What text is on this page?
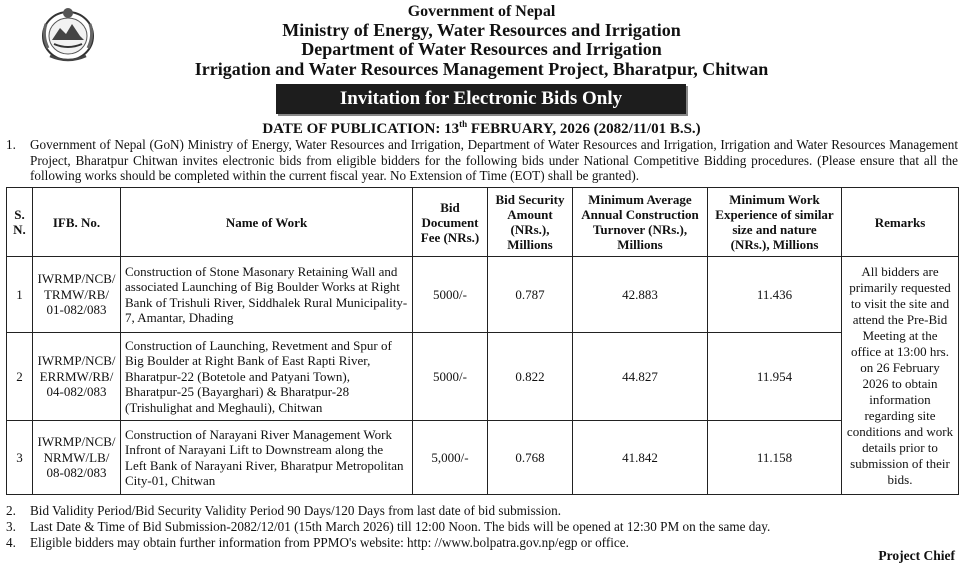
Government of Nepal
Ministry of Energy, Water Resources and Irrigation
Department of Water Resources and Irrigation
Irrigation and Water Resources Management Project, Bharatpur, Chitwan
Invitation for Electronic Bids Only
DATE OF PUBLICATION: 13th FEBRUARY, 2026 (2082/11/01 B.S.)
1. Government of Nepal (GoN) Ministry of Energy, Water Resources and Irrigation, Department of Water Resources and Irrigation, Irrigation and Water Resources Management Project, Bharatpur Chitwan invites electronic bids from eligible bidders for the following bids under National Competitive Bidding procedures. (Please ensure that all the following works should be completed within the current fiscal year. No Extension of Time (EOT) shall be granted).
S. N.	IFB. No.	Name of Work	Bid Document Fee (NRs.)	Bid Security Amount (NRs.), Millions	Minimum Average Annual Construction Turnover (NRs.), Millions	Minimum Work Experience of similar size and nature (NRs.), Millions	Remarks
1	IWRMP/NCB/ TRMW/RB/ 01-082/083	Construction of Stone Masonary Retaining Wall and associated Launching of Big Boulder Works at Right Bank of Trishuli River, Siddhalek Rural Municipality-7, Amantar, Dhading	5000/-	0.787	42.883	11.436	All bidders are primarily requested to visit the site and attend the Pre-Bid Meeting at the office at 13:00 hrs. on 26 February 2026 to obtain information regarding site conditions and work details prior to submission of their bids.
2	IWRMP/NCB/ ERRMW/RB/ 04-082/083	Construction of Launching, Revetment and Spur of Big Boulder at Right Bank of East Rapti River, Bharatpur-22 (Botetole and Patyani Town), Bharatpur-25 (Bayarghari) & Bharatpur-28 (Trishulighat and Meghauli), Chitwan	5000/-	0.822	44.827	11.954	
3	IWRMP/NCB/ NRMW/LB/ 08-082/083	Construction of Narayani River Management Work Infront of Narayani Lift to Downstream along the Left Bank of Narayani River, Bharatpur Metropolitan City-01, Chitwan	5,000/-	0.768	41.842	11.158	
2. Bid Validity Period/Bid Security Validity Period 90 Days/120 Days from last date of bid submission.
3. Last Date & Time of Bid Submission-2082/12/01 (15th March 2026) till 12:00 Noon. The bids will be opened at 12:30 PM on the same day.
4. Eligible bidders may obtain further information from PPMO's website: http: //www.bolpatra.gov.np/egp or office.
Project Chief
